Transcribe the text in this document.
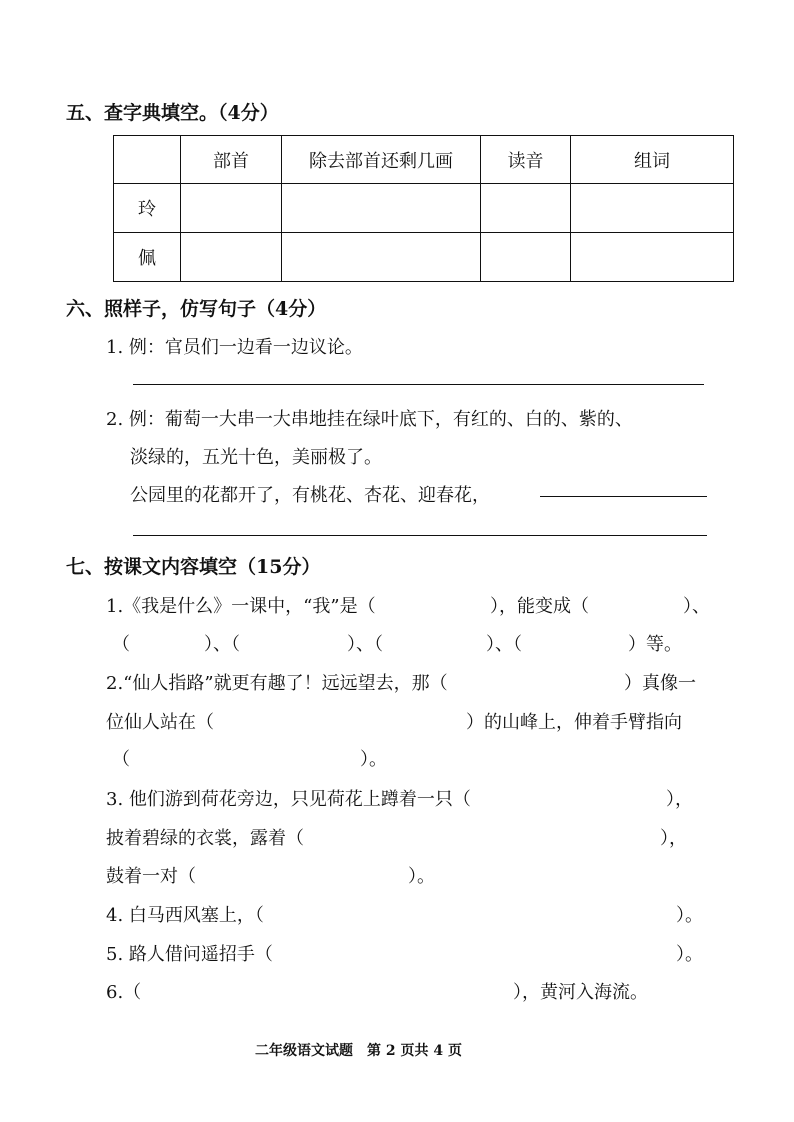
五、查字典填空。（4分）
	部首	除去部首还剩几画	读音	组词
玲				
佩				
六、照样子，仿写句子（4分）
1. 例：官员们一边看一边议论。
2. 例：葡萄一大串一大串地挂在绿叶底下，有红的、白的、紫的、
淡绿的，五光十色，美丽极了。
公园里的花都开了，有桃花、杏花、迎春花，
七、按课文内容填空（15分）
1.《我是什么》一课中，“我”是（	），能变成（	）、
（	）、（	）、（	）、（	）等。
2.“仙人指路”就更有趣了！远远望去，那（	）真像一
位仙人站在（	）的山峰上，伸着手臂指向
（	）。
3. 他们游到荷花旁边，只见荷花上蹲着一只（	），
披着碧绿的衣裳，露着（	），
鼓着一对（	）。
4. 白马西风塞上，（	）。
5. 路人借问遥招手（	）。
6.（	），黄河入海流。
二年级语文试题　第 2 页共 4 页
